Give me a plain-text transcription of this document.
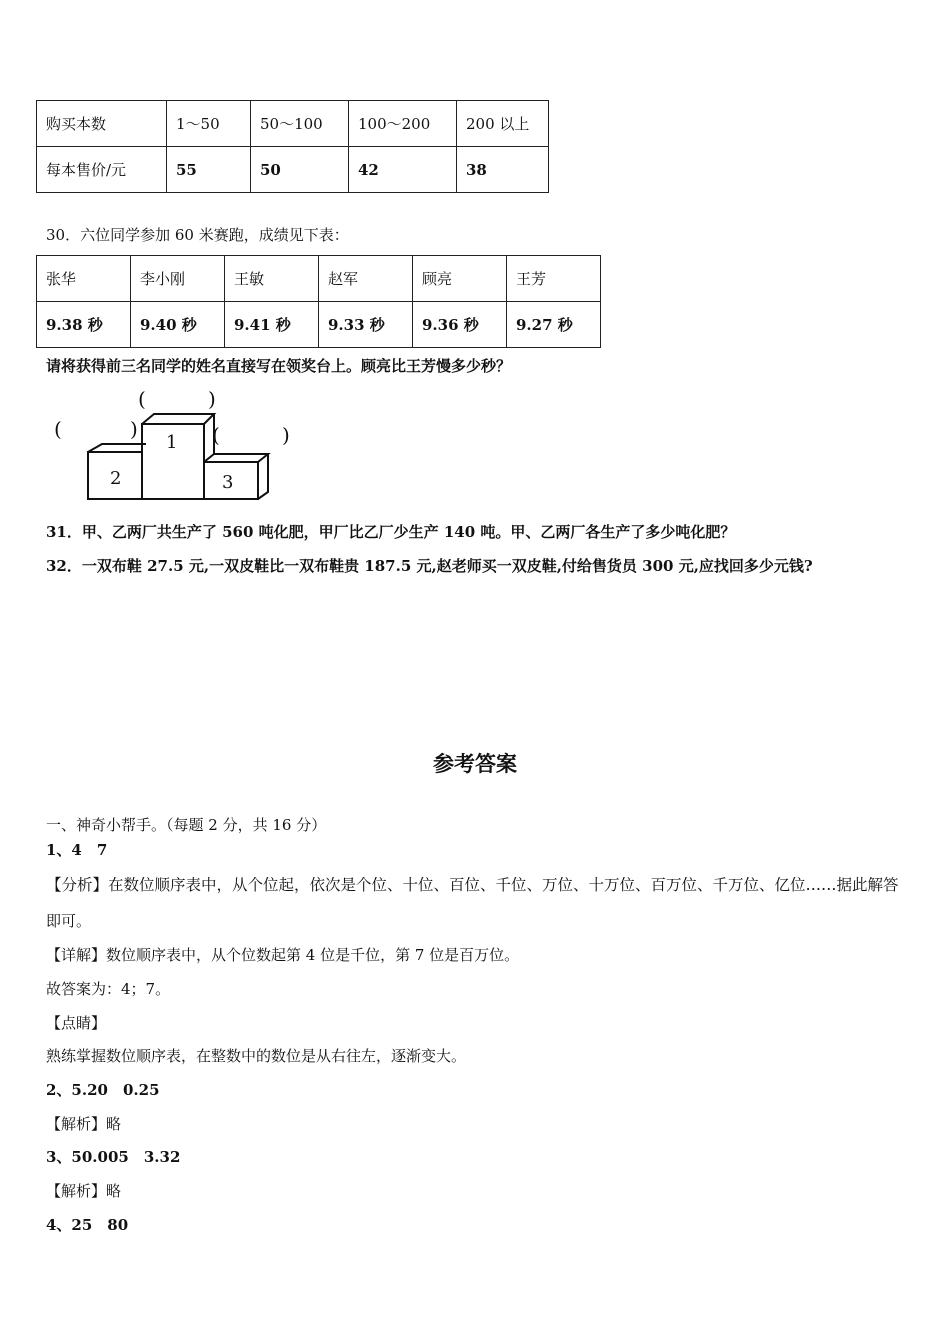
购买本数	1～50	50～100	100～200	200 以上
每本售价/元	55	50	42	38
30．六位同学参加 60 米赛跑，成绩见下表：
张华	李小刚	王敏	赵军	顾亮	王芳
9.38 秒	9.40 秒	9.41 秒	9.33 秒	9.36 秒	9.27 秒
请将获得前三名同学的姓名直接写在领奖台上。顾亮比王芳慢多少秒？
(	)
(	)	(	)
1
2	3
31．甲、乙两厂共生产了 560 吨化肥，甲厂比乙厂少生产 140 吨。甲、乙两厂各生产了多少吨化肥？
32．一双布鞋 27.5 元,一双皮鞋比一双布鞋贵 187.5 元,赵老师买一双皮鞋,付给售货员 300 元,应找回多少元钱?
参考答案
一、神奇小帮手。（每题 2 分，共 16 分）
1、4　7
【分析】在数位顺序表中，从个位起，依次是个位、十位、百位、千位、万位、十万位、百万位、千万位、亿位……据此解答
即可。
【详解】数位顺序表中，从个位数起第 4 位是千位，第 7 位是百万位。
故答案为：4；7。
【点睛】
熟练掌握数位顺序表，在整数中的数位是从右往左，逐渐变大。
2、5.20　0.25
【解析】略
3、50.005　3.32
【解析】略
4、25　80
